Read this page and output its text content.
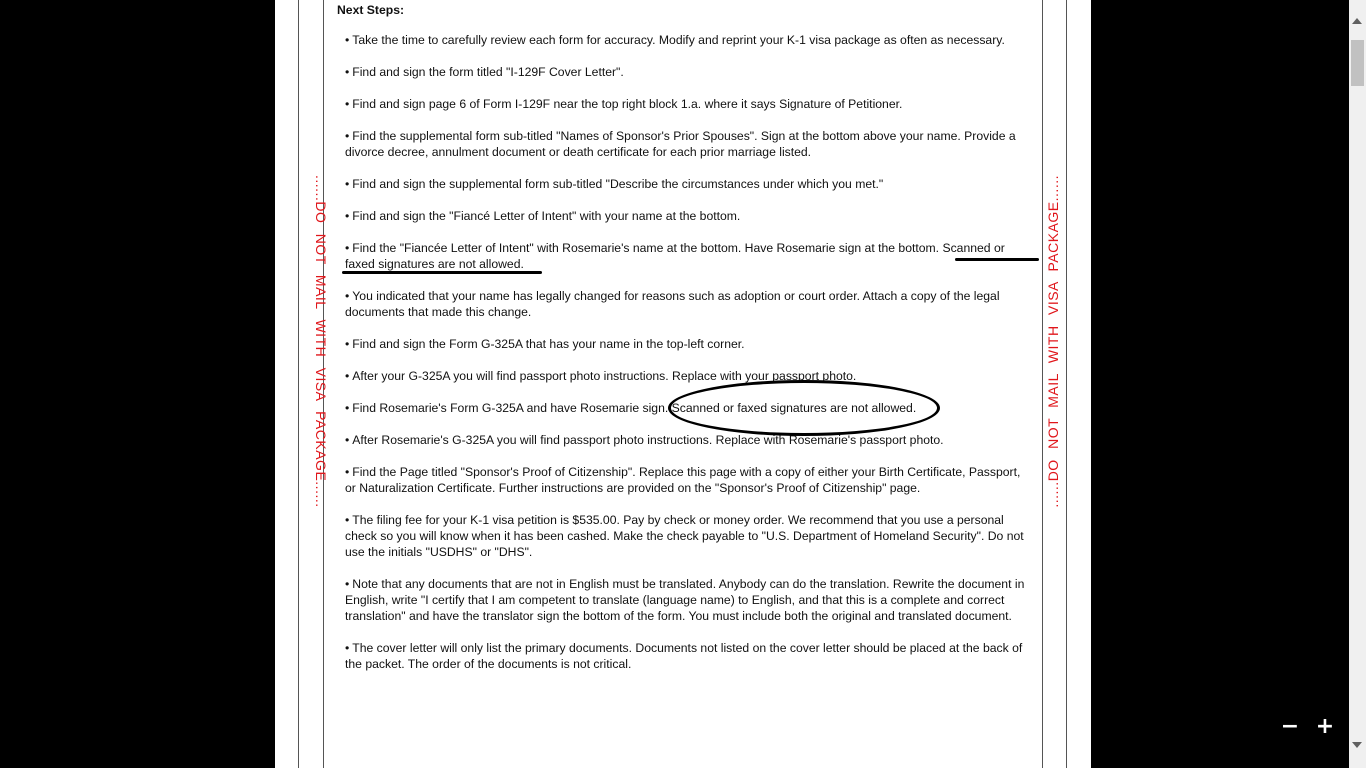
......DO NOT MAIL WITH VISA PACKAGE......	......DO NOT MAIL WITH VISA PACKAGE......
Next Steps:
• Take the time to carefully review each form for accuracy. Modify and reprint your K-1 visa package as often as necessary.
• Find and sign the form titled "I-129F Cover Letter".
• Find and sign page 6 of Form I-129F near the top right block 1.a. where it says Signature of Petitioner.
• Find the supplemental form sub-titled "Names of Sponsor's Prior Spouses". Sign at the bottom above your name. Provide a divorce decree, annulment document or death certificate for each prior marriage listed.
• Find and sign the supplemental form sub-titled "Describe the circumstances under which you met."
• Find and sign the "Fiancé Letter of Intent" with your name at the bottom.
• Find the "Fiancée Letter of Intent" with Rosemarie's name at the bottom. Have Rosemarie sign at the bottom. Scanned or faxed signatures are not allowed.
• You indicated that your name has legally changed for reasons such as adoption or court order. Attach a copy of the legal documents that made this change.
• Find and sign the Form G-325A that has your name in the top-left corner.
• After your G-325A you will find passport photo instructions. Replace with your passport photo.
• Find Rosemarie's Form G-325A and have Rosemarie sign. Scanned or faxed signatures are not allowed.
• After Rosemarie's G-325A you will find passport photo instructions. Replace with Rosemarie's passport photo.
• Find the Page titled "Sponsor's Proof of Citizenship". Replace this page with a copy of either your Birth Certificate, Passport, or Naturalization Certificate. Further instructions are provided on the "Sponsor's Proof of Citizenship" page.
• The filing fee for your K-1 visa petition is $535.00. Pay by check or money order. We recommend that you use a personal check so you will know when it has been cashed. Make the check payable to "U.S. Department of Homeland Security". Do not use the initials "USDHS" or "DHS".
• Note that any documents that are not in English must be translated. Anybody can do the translation. Rewrite the document in English, write "I certify that I am competent to translate (language name) to English, and that this is a complete and correct translation" and have the translator sign the bottom of the form. You must include both the original and translated document.
• The cover letter will only list the primary documents. Documents not listed on the cover letter should be placed at the back of the packet. The order of the documents is not critical.
− +
